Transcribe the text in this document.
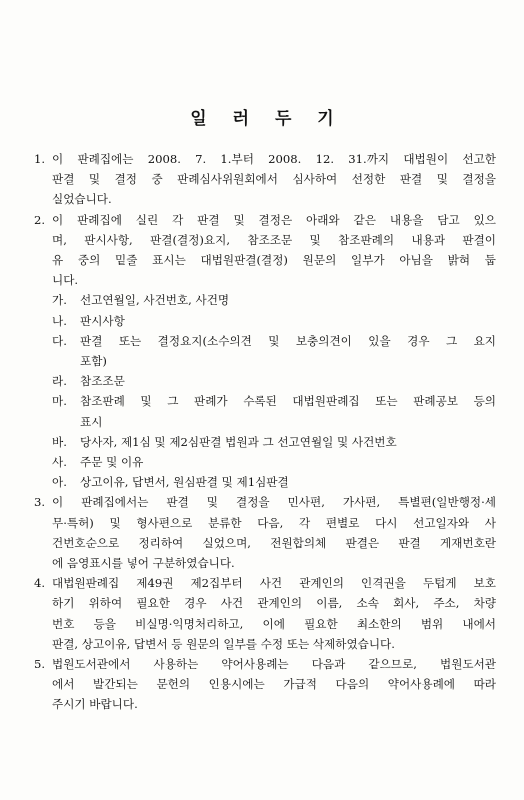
일 러 두 기
1. 이 판례집에는 2008. 7. 1.부터 2008. 12. 31.까지 대법원이 선고한
판결 및 결정 중 판례심사위원회에서 심사하여 선정한 판결 및 결정을
실었습니다.
2. 이 판례집에 실린 각 판결 및 결정은 아래와 같은 내용을 담고 있으
며, 판시사항, 판결(결정)요지, 참조조문 및 참조판례의 내용과 판결이
유 중의 밑줄 표시는 대법원판결(결정) 원문의 일부가 아님을 밝혀 둡
니다.
가.	선고연월일, 사건번호, 사건명
나.	판시사항
다.	판결 또는 결정요지(소수의견 및 보충의견이 있을 경우 그 요지
포함)
라.	참조조문
마.	참조판례 및 그 판례가 수록된 대법원판례집 또는 판례공보 등의
표시
바.	당사자, 제1심 및 제2심판결 법원과 그 선고연월일 및 사건번호
사.	주문 및 이유
아.	상고이유, 답변서, 원심판결 및 제1심판결
3. 이 판례집에서는 판결 및 결정을 민사편, 가사편, 특별편(일반행정·세
무·특허) 및 형사편으로 분류한 다음, 각 편별로 다시 선고일자와 사
건번호순으로 정리하여 실었으며, 전원합의체 판결은 판결 게재번호란
에 음영표시를 넣어 구분하였습니다.
4. 대법원판례집 제49권 제2집부터 사건 관계인의 인격권을 두텁게 보호
하기 위하여 필요한 경우 사건 관계인의 이름, 소속 회사, 주소, 차량
번호 등을 비실명·익명처리하고, 이에 필요한 최소한의 범위 내에서
판결, 상고이유, 답변서 등 원문의 일부를 수정 또는 삭제하였습니다.
5. 법원도서관에서 사용하는 약어사용례는 다음과 같으므로, 법원도서관
에서 발간되는 문헌의 인용시에는 가급적 다음의 약어사용례에 따라
주시기 바랍니다.
